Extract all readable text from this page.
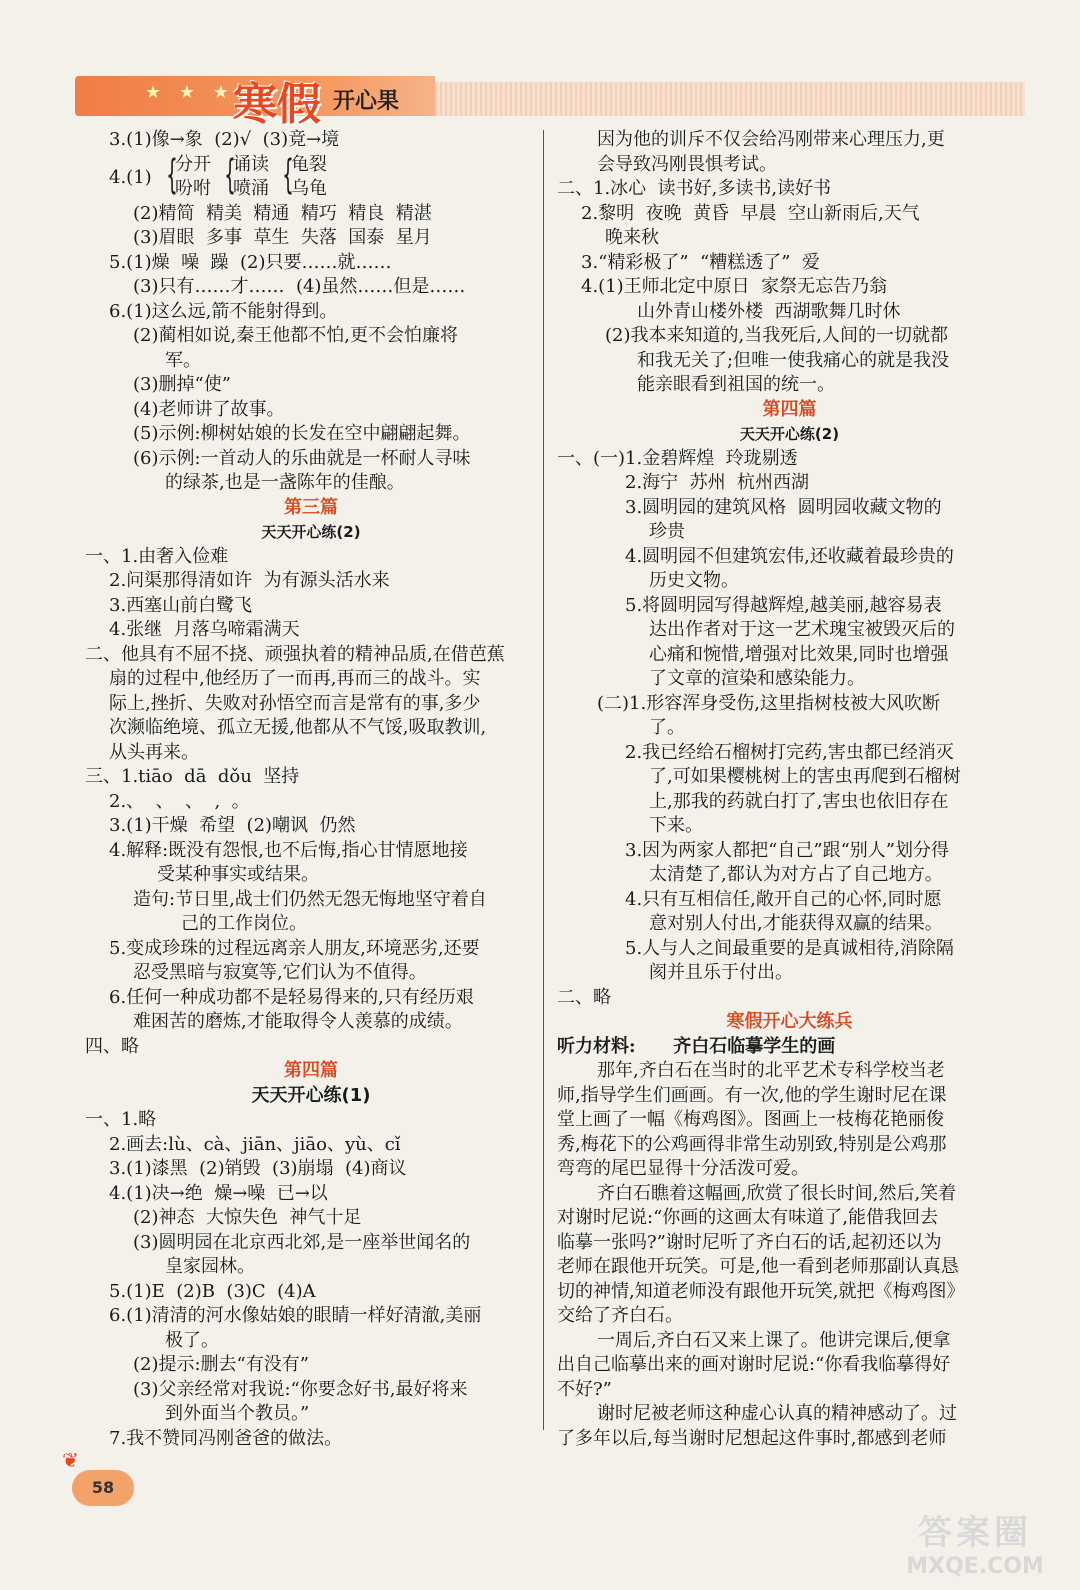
★ ★ ★
寒假 开心果
3.(1)像→象  (2)√  (3)竟→境
4.(1) {
分开
吩咐 {
诵读
喷涌 {
龟裂
乌龟
(2)精简  精美  精通  精巧  精良  精湛
(3)眉眼  多事  草生  失落  国泰  星月
5.(1)燥  噪  躁  (2)只要……就……
(3)只有……才……  (4)虽然……但是……
6.(1)这么远,箭不能射得到。
(2)蔺相如说,秦王他都不怕,更不会怕廉将
军。
(3)删掉“使”
(4)老师讲了故事。
(5)示例:柳树姑娘的长发在空中翩翩起舞。
(6)示例:一首动人的乐曲就是一杯耐人寻味
的绿茶,也是一盏陈年的佳酿。
第三篇
天天开心练(2)
一、1.由奢入俭难
2.问渠那得清如许  为有源头活水来
3.西塞山前白鹭飞
4.张继  月落乌啼霜满天
二、他具有不屈不挠、顽强执着的精神品质,在借芭蕉
扇的过程中,他经历了一而再,再而三的战斗。实
际上,挫折、失败对孙悟空而言是常有的事,多少
次濒临绝境、孤立无援,他都从不气馁,吸取教训,
从头再来。
三、1.tiāo  dā  dǒu  坚持
2.、  、  、  ,  。
3.(1)干燥  希望  (2)嘲讽  仍然
4.解释:既没有怨恨,也不后悔,指心甘情愿地接
受某种事实或结果。
造句:节日里,战士们仍然无怨无悔地坚守着自
己的工作岗位。
5.变成珍珠的过程远离亲人朋友,环境恶劣,还要
忍受黑暗与寂寞等,它们认为不值得。
6.任何一种成功都不是轻易得来的,只有经历艰
难困苦的磨炼,才能取得令人羡慕的成绩。
四、略
第四篇
天天开心练(1)
一、1.略
2.画去:lù、cà、jiān、jiāo、yù、cǐ
3.(1)漆黑  (2)销毁  (3)崩塌  (4)商议
4.(1)决→绝  燥→噪  已→以
(2)神态  大惊失色  神气十足
(3)圆明园在北京西北郊,是一座举世闻名的
皇家园林。
5.(1)E  (2)B  (3)C  (4)A
6.(1)清清的河水像姑娘的眼睛一样好清澈,美丽
极了。
(2)提示:删去“有没有”
(3)父亲经常对我说:“你要念好书,最好将来
到外面当个教员。”
7.我不赞同冯刚爸爸的做法。
因为他的训斥不仅会给冯刚带来心理压力,更
会导致冯刚畏惧考试。
二、1.冰心  读书好,多读书,读好书
2.黎明  夜晚  黄昏  早晨  空山新雨后,天气
晚来秋
3.“精彩极了”  “糟糕透了”  爱
4.(1)王师北定中原日  家祭无忘告乃翁
山外青山楼外楼  西湖歌舞几时休
(2)我本来知道的,当我死后,人间的一切就都
和我无关了;但唯一使我痛心的就是我没
能亲眼看到祖国的统一。
第四篇
天天开心练(2)
一、(一)1.金碧辉煌  玲珑剔透
2.海宁  苏州  杭州西湖
3.圆明园的建筑风格  圆明园收藏文物的
珍贵
4.圆明园不但建筑宏伟,还收藏着最珍贵的
历史文物。
5.将圆明园写得越辉煌,越美丽,越容易表
达出作者对于这一艺术瑰宝被毁灭后的
心痛和惋惜,增强对比效果,同时也增强
了文章的渲染和感染能力。
(二)1.形容浑身受伤,这里指树枝被大风吹断
了。
2.我已经给石榴树打完药,害虫都已经消灭
了,可如果樱桃树上的害虫再爬到石榴树
上,那我的药就白打了,害虫也依旧存在
下来。
3.因为两家人都把“自己”跟“别人”划分得
太清楚了,都认为对方占了自己地方。
4.只有互相信任,敞开自己的心怀,同时愿
意对别人付出,才能获得双赢的结果。
5.人与人之间最重要的是真诚相待,消除隔
阂并且乐于付出。
二、略
寒假开心大练兵
听力材料:      齐白石临摹学生的画
那年,齐白石在当时的北平艺术专科学校当老
师,指导学生们画画。有一次,他的学生谢时尼在课
堂上画了一幅《梅鸡图》。图画上一枝梅花艳丽俊
秀,梅花下的公鸡画得非常生动别致,特别是公鸡那
弯弯的尾巴显得十分活泼可爱。
齐白石瞧着这幅画,欣赏了很长时间,然后,笑着
对谢时尼说:“你画的这画太有味道了,能借我回去
临摹一张吗?”谢时尼听了齐白石的话,起初还以为
老师在跟他开玩笑。可是,他一看到老师那副认真恳
切的神情,知道老师没有跟他开玩笑,就把《梅鸡图》
交给了齐白石。
一周后,齐白石又来上课了。他讲完课后,便拿
出自己临摹出来的画对谢时尼说:“你看我临摹得好
不好?”
谢时尼被老师这种虚心认真的精神感动了。过
了多年以后,每当谢时尼想起这件事时,都感到老师
❦
58
答案圈
MXQE.COM
